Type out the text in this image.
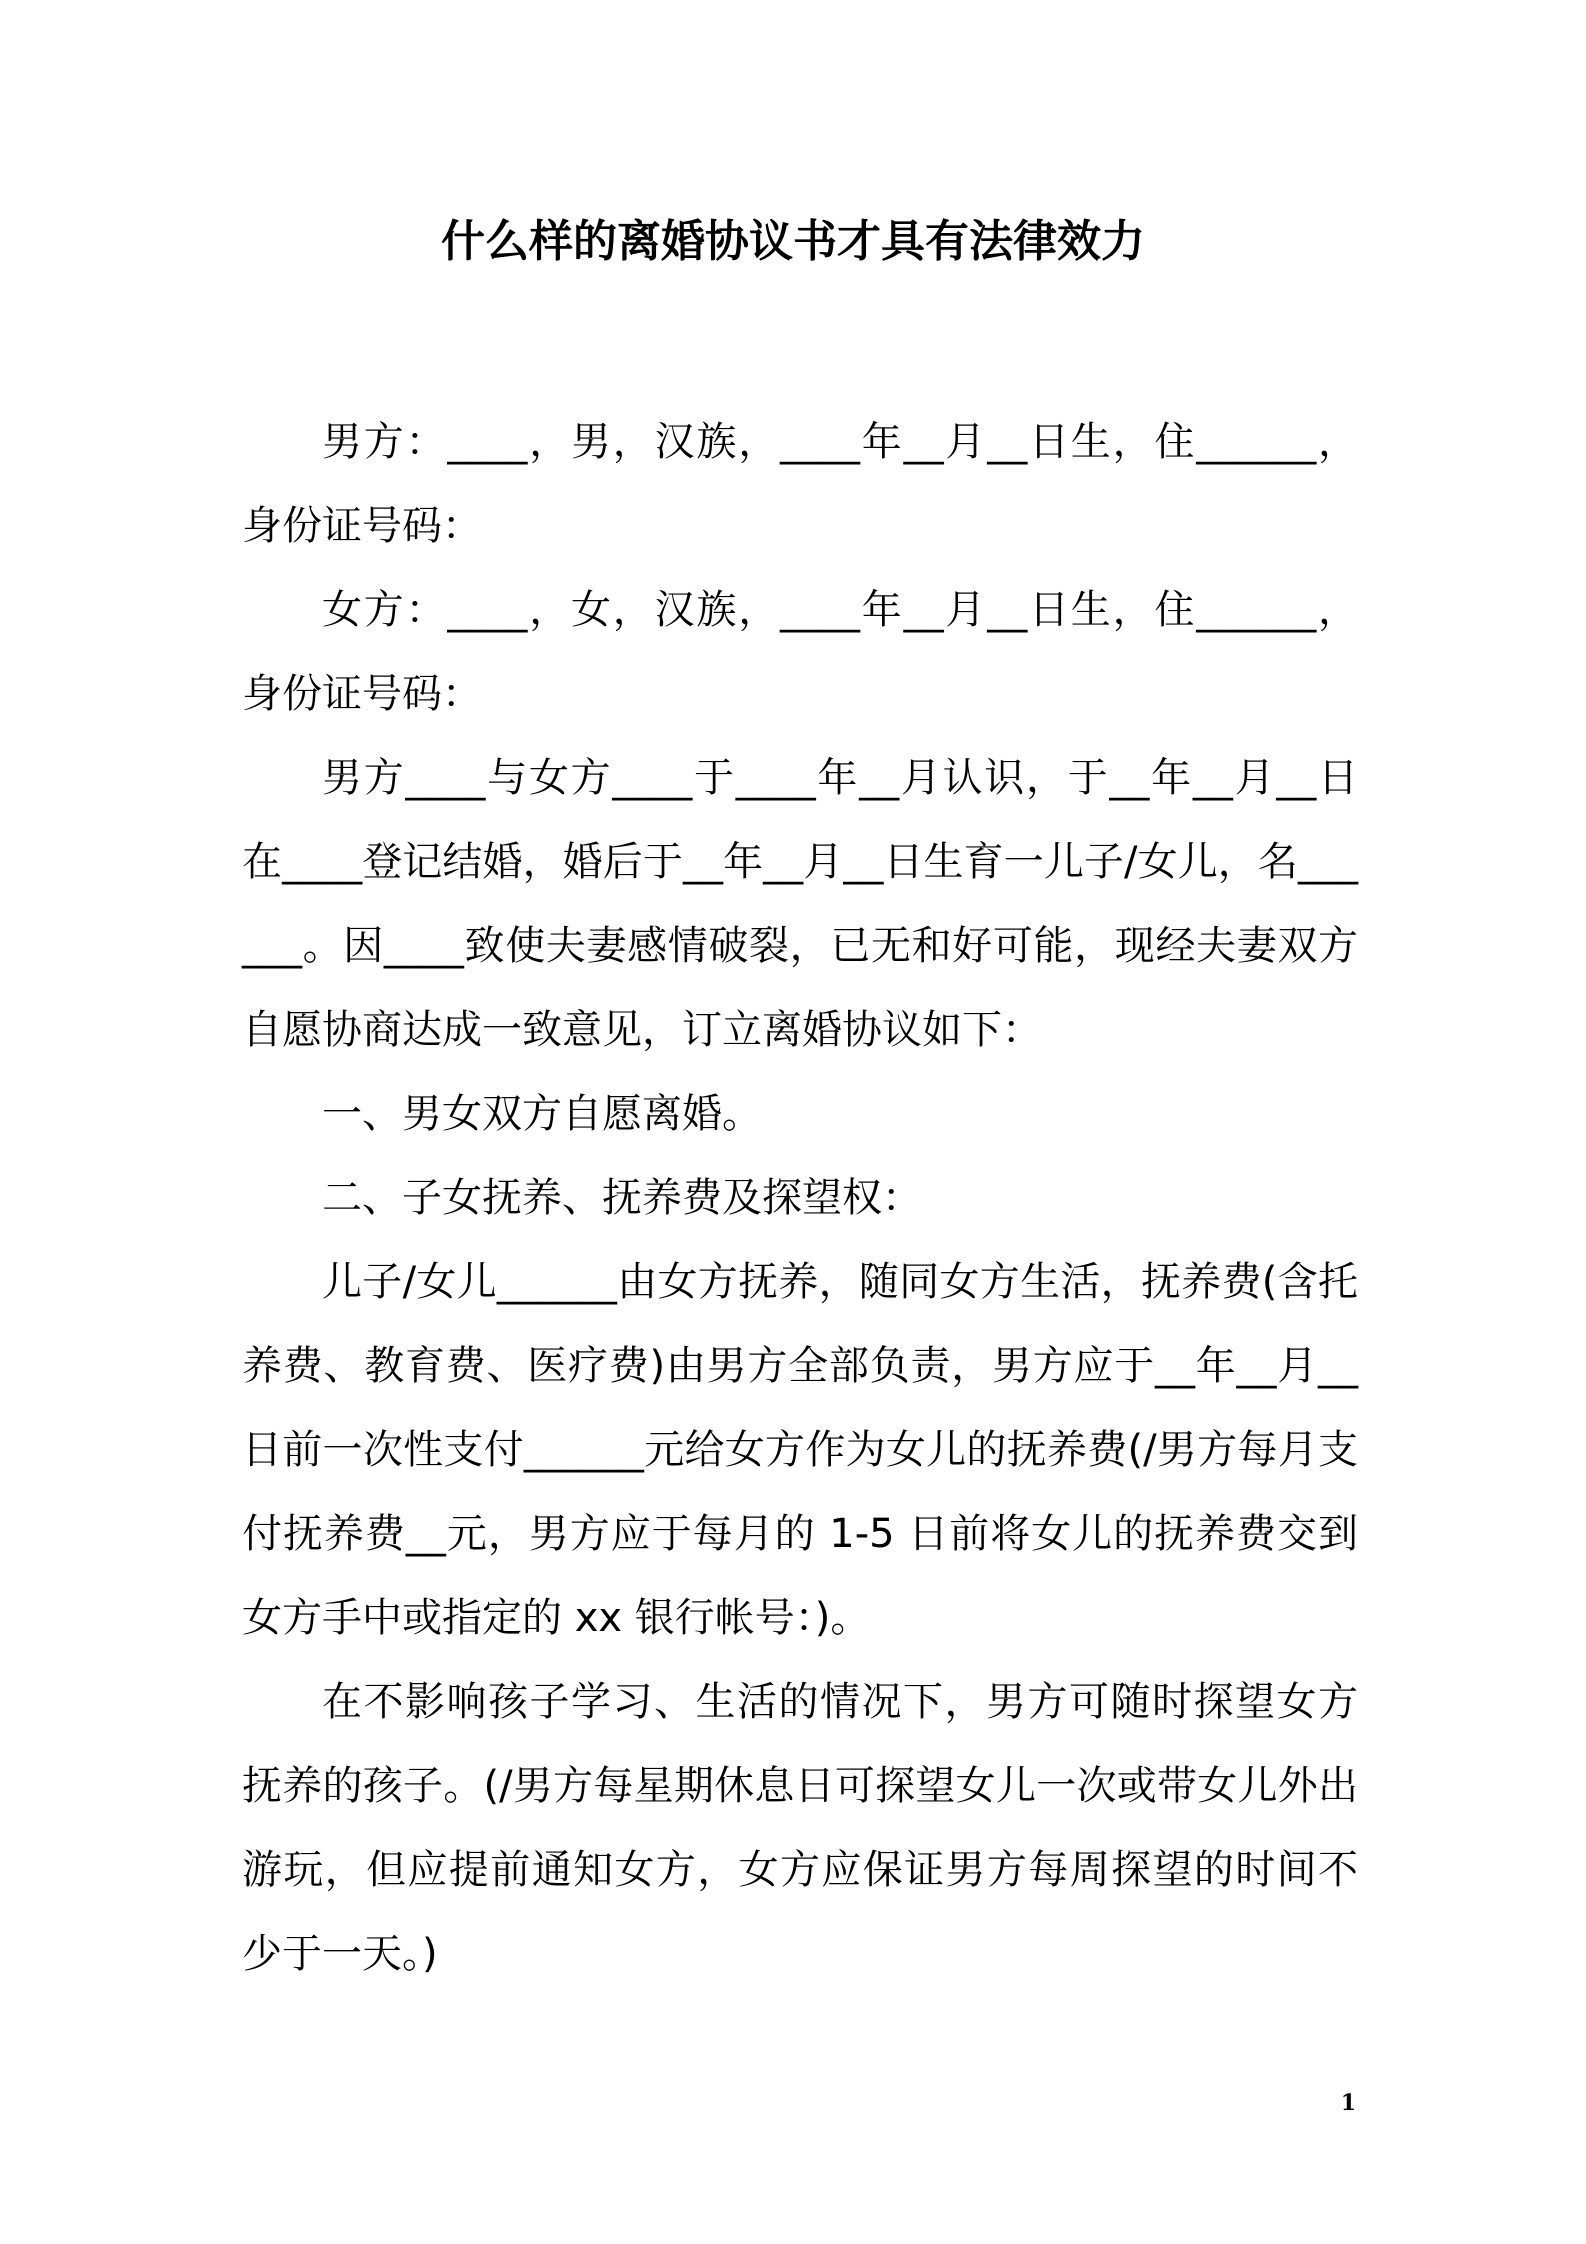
什么样的离婚协议书才具有法律效力

男方：____，男，汉族，____年__月__日生，住______，身份证号码：

女方：____，女，汉族，____年__月__日生，住______，身份证号码：

男方____与女方____于____年__月认识，于__年__月__日在____登记结婚，婚后于__年__月__日生育一儿子/女儿，名______。因____致使夫妻感情破裂，已无和好可能，现经夫妻双方自愿协商达成一致意见，订立离婚协议如下：

一、男女双方自愿离婚。

二、子女抚养、抚养费及探望权：

儿子/女儿______由女方抚养，随同女方生活，抚养费(含托养费、教育费、医疗费)由男方全部负责，男方应于__年__月__日前一次性支付______元给女方作为女儿的抚养费(/男方每月支付抚养费__元，男方应于每月的 1-5 日前将女儿的抚养费交到女方手中或指定的 xx 银行帐号：)。

在不影响孩子学习、生活的情况下，男方可随时探望女方抚养的孩子。(/男方每星期休息日可探望女儿一次或带女儿外出游玩，但应提前通知女方，女方应保证男方每周探望的时间不少于一天。)

1
